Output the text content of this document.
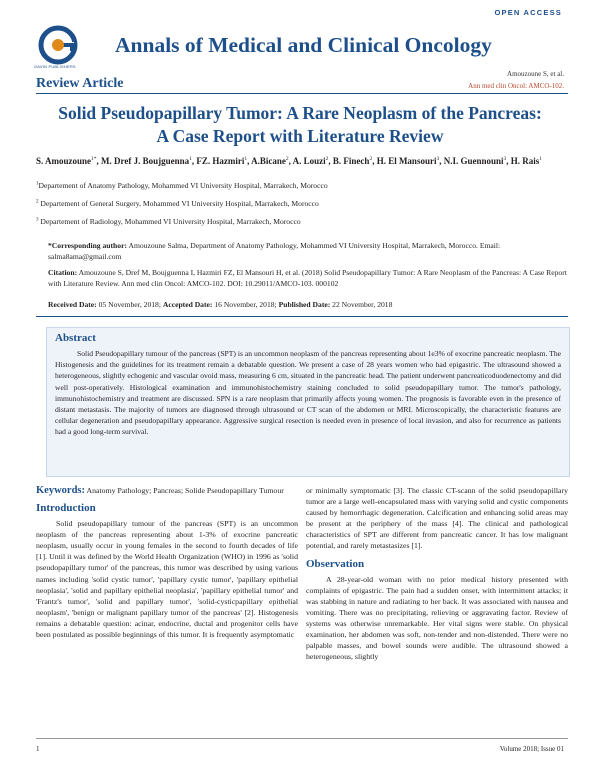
OPEN ACCESS
GAVIN PUBLISHERS
Annals of Medical and Clinical Oncology
Review Article
Amouzoune S, et al.
Ann med clin Oncol: AMCO-102.
Solid Pseudopapillary Tumor: A Rare Neoplasm of the Pancreas:
A Case Report with Literature Review
S. Amouzoune$^{1*}$, M. Dref J. Boujguenna$^1$, FZ. Hazmiri$^1$, A.Bicane$^2$, A. Louzi$^2$, B. Finech$^2$, H. El Mansouri$^3$, N.I. Guennouni$^3$, H. Rais$^1$
$^1$Departement of Anatomy Pathology, Mohammed VI University Hospital, Marrakech, Morocco
$^2$ Departement of General Surgery, Mohammed VI University Hospital, Marrakech, Morocco
$^3$ Departement of Radiology, Mohammed VI University Hospital, Marrakech, Morocco
*Corresponding author: Amouzoune Salma, Department of Anatomy Pathology, Mohammed VI University Hospital, Marrakech, Morocco. Email: salma8ama@gmail.com
Citation: Amouzoune S, Dref M, Boujguenna I, Hazmiri FZ, El Mansouri H, et al. (2018) Solid Pseudopapillary Tumor: A Rare Neoplasm of the Pancreas: A Case Report with Literature Review. Ann med clin Oncol: AMCO-102. DOI: 10.29011/AMCO-103. 000102
Received Date: 05 November, 2018; Accepted Date: 16 November, 2018; Published Date: 22 November, 2018
Abstract
Solid Pseudopapillary tumour of the pancreas (SPT) is an uncommon neoplasm of the pancreas representing about 1e3% of exocrine pancreatic neoplasm. The Histogenesis and the guidelines for its treatment remain a debatable question. We present a case of 28 years women who had epigastric. The ultrasound showed a heterogeneous, slightly echogenic and vascular ovoid mass, measuring 6 cm, situated in the pancreatic head. The patient underwent pancreaticoduodenectomy and did well post-operatively. Histological examination and immunohistochemistry staining concluded to solid pseudopapillary tumor. The tumor's pathology, immunohistochemistry and treatment are discussed. SPN is a rare neoplasm that primarily affects young women. The prognosis is favorable even in the presence of distant metastasis. The majority of tumors are diagnosed through ultrasound or CT scan of the abdomen or MRI. Microscopically, the characteristic features are cellular degeneration and pseudopapillary appearance. Aggressive surgical resection is needed even in presence of local invasion, and also for recurrence as patients had a good long-term survival.
Keywords: Anatomy Pathology; Pancreas; Solide Pseudopapillary Tumour
Introduction
Solid pseudopapillary tumour of the pancreas (SPT) is an uncommon neoplasm of the pancreas representing about 1-3% of exocrine pancreatic neoplasm, usually occur in young females in the second to fourth decades of life [1]. Until it was defined by the World Health Organization (WHO) in 1996 as 'solid pseudopapillary tumor' of the pancreas, this tumor was described by using various names including 'solid cystic tumor', 'papillary cystic tumor', 'papillary epithelial neoplasia', 'solid and papillary epithelial neoplasia', 'papillary epithelial tumor' and 'Frantz's tumor', 'solid and papillary tumor', 'solid-cysticpapillary epithelial neoplasm', 'benign or malignant papillary tumor of the pancreas' [2]. Histogenesis remains a debatable question: acinar, endocrine, ductal and progenitor cells have been postulated as possible beginnings of this tumor. It is frequently asymptomatic
or minimally symptomatic [3]. The classic CT-scann of the solid pseudopapillary tumor are a large well-encapsulated mass with varying solid and cystic components caused by hemorrhagic degeneration. Calcification and enhancing solid areas may be present at the periphery of the mass [4]. The clinical and pathological characteristics of SPT are different from pancreatic cancer. It has low malignant potential, and rarely metastasizes [1].
Observation
A 28-year-old woman with no prior medical history presented with complaints of epigastric. The pain had a sudden onset, with intermittent attacks; it was stabbing in nature and radiating to her back. It was associated with nausea and vomiting. There was no precipitating, relieving or aggravating factor. Review of systems was otherwise unremarkable. Her vital signs were stable. On physical examination, her abdomen was soft, non-tender and non-distended. There were no palpable masses, and bowel sounds were audible. The ultrasound showed a heterogeneous, slightly
1	Volume 2018; Issue 01
